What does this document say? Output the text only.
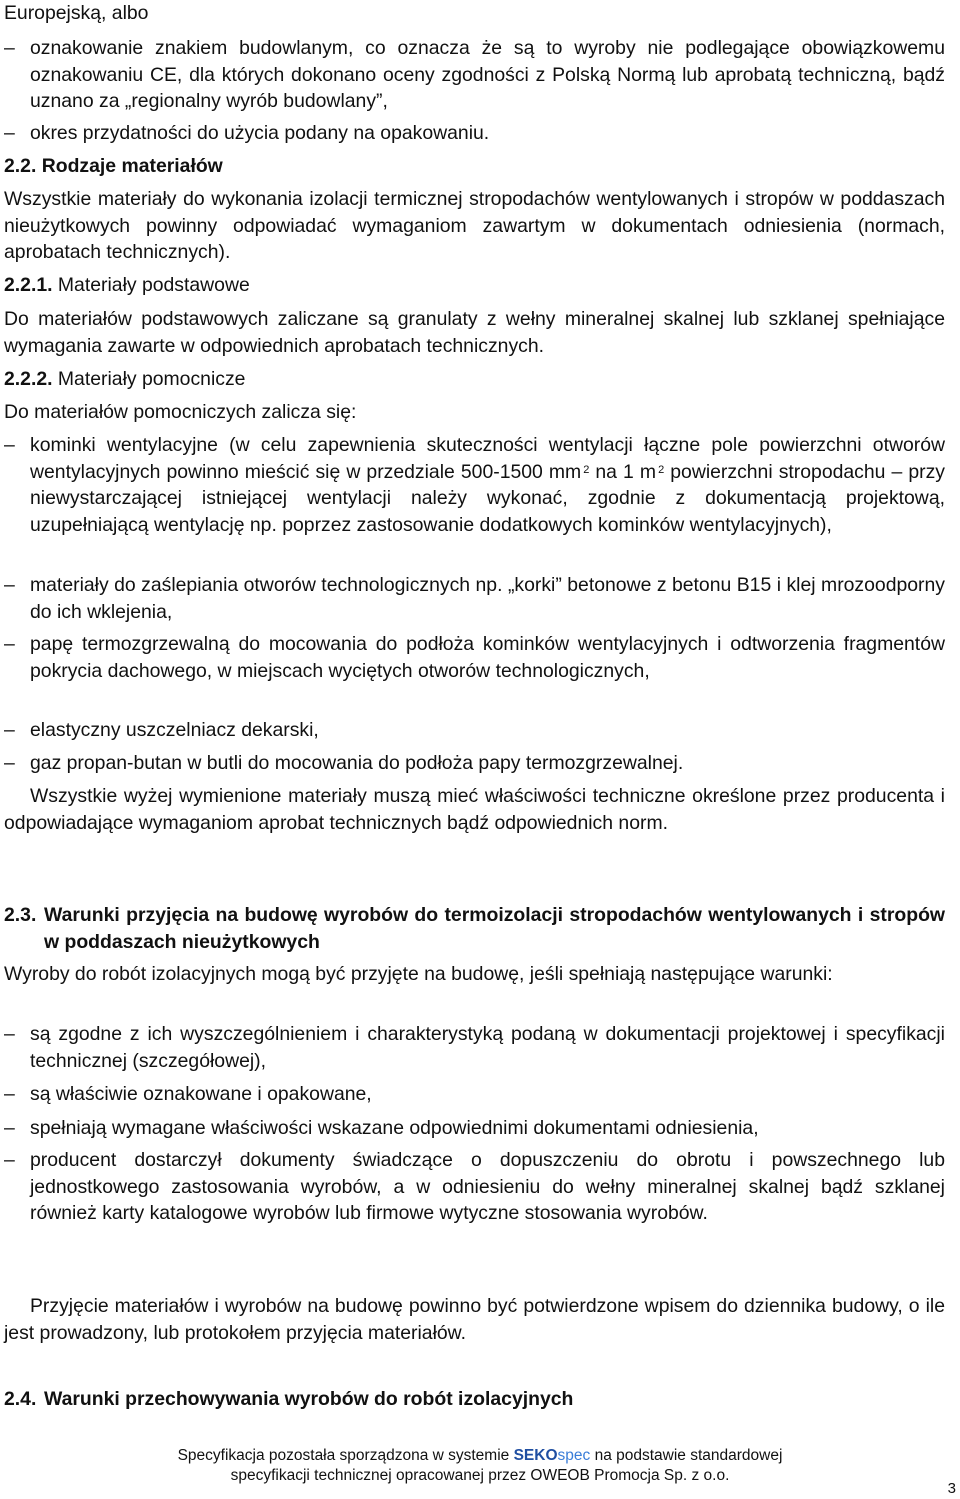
Europejską, albo
– oznakowanie znakiem budowlanym, co oznacza że są to wyroby nie podlegające obowiązkowemu oznakowaniu CE, dla których dokonano oceny zgodności z Polską Normą lub aprobatą techniczną, bądź uznano za „regionalny wyrób budowlany”,
– okres przydatności do użycia podany na opakowaniu.
2.2. Rodzaje materiałów

Wszystkie materiały do wykonania izolacji termicznej stropodachów wentylowanych i stropów w poddaszach nieużytkowych powinny odpowiadać wymaganiom zawartym w dokumentach odniesienia (normach, aprobatach technicznych).

2.2.1. Materiały podstawowe

Do materiałów podstawowych zaliczane są granulaty z wełny mineralnej skalnej lub szklanej spełniające wymagania zawarte w odpowiednich aprobatach technicznych.

2.2.2. Materiały pomocnicze
Do materiałów pomocniczych zalicza się:
– kominki wentylacyjne (w celu zapewnienia skuteczności wentylacji łączne pole powierzchni otworów wentylacyjnych powinno mieścić się w przedziale 500-1500 mm $^2$ na 1 m $^2$ powierzchni stropodachu – przy niewystarczającej istniejącej wentylacji należy wykonać, zgodnie z dokumentacją projektową, uzupełniającą wentylację np. poprzez zastosowanie dodatkowych kominków wentylacyjnych),
– materiały do zaślepiania otworów technologicznych np. „korki” betonowe z betonu B15 i klej mrozoodporny do ich wklejenia,
– papę termozgrzewalną do mocowania do podłoża kominków wentylacyjnych i odtworzenia fragmentów pokrycia dachowego, w miejscach wyciętych otworów technologicznych,
– elastyczny uszczelniacz dekarski,
– gaz propan-butan w butli do mocowania do podłoża papy termozgrzewalnej.

Wszystkie wyżej wymienione materiały muszą mieć właściwości techniczne określone przez producenta i odpowiadające wymaganiom aprobat technicznych bądź odpowiednich norm.

2.3. Warunki przyjęcia na budowę wyrobów do termoizolacji stropodachów wentylowanych i stropów w poddaszach nieużytkowych

Wyroby do robót izolacyjnych mogą być przyjęte na budowę, jeśli spełniają następujące warunki:

– są zgodne z ich wyszczególnieniem i charakterystyką podaną w dokumentacji projektowej i specyfikacji technicznej (szczegółowej),
– są właściwie oznakowane i opakowane,
– spełniają wymagane właściwości wskazane odpowiednimi dokumentami odniesienia,
– producent dostarczył dokumenty świadczące o dopuszczeniu do obrotu i powszechnego lub jednostkowego zastosowania wyrobów, a w odniesieniu do wełny mineralnej skalnej bądź szklanej również karty katalogowe wyrobów lub firmowe wytyczne stosowania wyrobów.

Przyjęcie materiałów i wyrobów na budowę powinno być potwierdzone wpisem do dziennika budowy, o ile jest prowadzony, lub protokołem przyjęcia materiałów.

2.4. Warunki przechowywania wyrobów do robót izolacyjnych
Specyfikacja pozostała sporządzona w systemie SEKOspec na podstawie standardowej
specyfikacji technicznej opracowanej przez OWEOB Promocja Sp. z o.o.
3
